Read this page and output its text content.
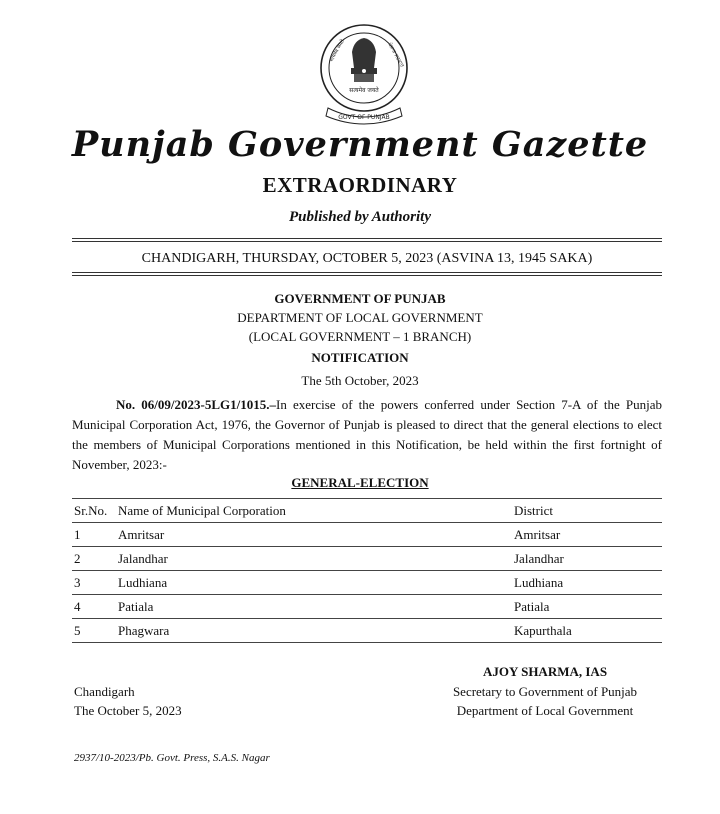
सत्यमेव जयते
सत्यमेव जयते	ਪੰਜਾਬ ਸਰਕਾਰ
GOVT OF PUNJAB
Punjab Government Gazette
EXTRAORDINARY
Published by Authority
CHANDIGARH, THURSDAY, OCTOBER 5, 2023 (ASVINA 13, 1945 SAKA)
GOVERNMENT OF PUNJAB
DEPARTMENT OF LOCAL GOVERNMENT
(LOCAL GOVERNMENT – 1 BRANCH)
NOTIFICATION
The 5th October, 2023
No. 06/09/2023-5LG1/1015.–In exercise of the powers conferred under Section 7-A of the Punjab Municipal Corporation Act, 1976, the Governor of Punjab is pleased to direct that the general elections to elect the members of Municipal Corporations mentioned in this Notification, be held within the first fortnight of November, 2023:-
GENERAL-ELECTION
Sr.No.	Name of Municipal Corporation	District
1	Amritsar	Amritsar
2	Jalandhar	Jalandhar
3	Ludhiana	Ludhiana
4	Patiala	Patiala
5	Phagwara	Kapurthala
AJOY SHARMA, IAS
Chandigarh
The October 5, 2023
Secretary to Government of Punjab
Department of Local Government
2937/10-2023/Pb. Govt. Press, S.A.S. Nagar
